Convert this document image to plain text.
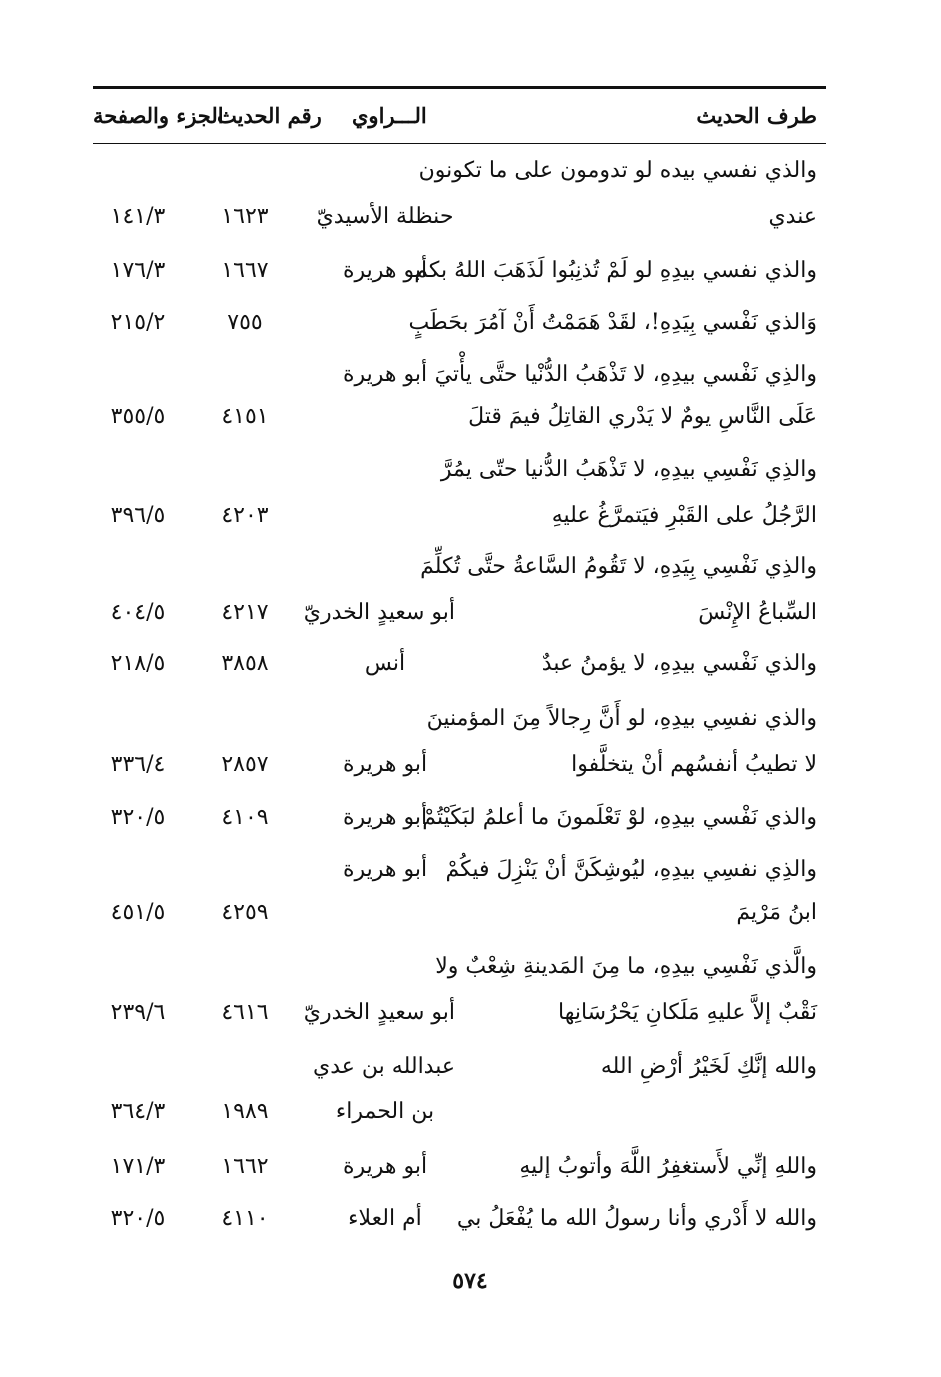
طرف الحديث
الـــراوي
رقم الحديث
الجزء والصفحة
والذي نفسي بيده لو تدومون على ما تكونون
عندي
حنظلة الأسيديّ
١٦٢٣
١٤١/٣
والذي نفسي بيدِهِ لو لَمْ تُذنِبُوا لَذَهَبَ اللهُ بكم
أبو هريرة
١٦٦٧
١٧٦/٣
وَالذي نَفْسي بِيَدِهِ!، لقَدْ هَمَمْتُ أَنْ آمُرَ بحَطَبٍ
٧٥٥
٢١٥/٢
والذِي نَفْسي بيدِهِ، لا تَذْهَبُ الدُّنْيا حتَّى يأْتيَ
أبو هريرة
عَلَى النَّاسِ يومٌ لا يَدْري القاتِلُ فيمَ قتلَ
٤١٥١
٣٥٥/٥
والذِي نَفْسِي بيدِهِ، لا تَذْهَبُ الدُّنيا حتّى يمُرَّ
الرَّجُلُ على القَبْرِ فيَتمرَّغُ عليهِ
٤٢٠٣
٣٩٦/٥
والذِي نَفْسِي بِيَدِهِ، لا تَقُومُ السَّاعةُ حتَّى تُكلِّمَ
السِّباعُ الإِنْسَ
أبو سعيدٍ الخدريّ
٤٢١٧
٤٠٤/٥
والذي نَفْسي بيدِهِ، لا يؤمنُ عبدٌ
أنس
٣٨٥٨
٢١٨/٥
والذي نفسِي بيدِهِ، لو أَنَّ رِجالاً مِنَ المؤمنينَ
لا تطيبُ أنفسُهم أنْ يتخلَّفوا
أبو هريرة
٢٨٥٧
٣٣٦/٤
والذي نَفْسي بيدِهِ، لوْ تَعْلَمونَ ما أعلمُ لبَكَيْتُمْ
أبو هريرة
٤١٠٩
٣٢٠/٥
والذِي نفسِي بيدِهِ، ليُوشِكَنَّ أنْ يَنْزِلَ فيكُمْ
أبو هريرة
ابنُ مَرْيمَ
٤٢٥٩
٤٥١/٥
والَّذي نَفْسِي بيدِهِ، ما مِنَ المَدينةِ شِعْبٌ ولا
نَقْبٌ إلاَّ عليهِ مَلَكانِ يَحْرُسَانِها
أبو سعيدٍ الخدريّ
٤٦١٦
٢٣٩/٦
والله إنَّكِ لَخَيْرُ أرْضِ الله
عبدالله بن عدي
بن الحمراء
١٩٨٩
٣٦٤/٣
واللهِ إنِّي لأَستغفِرُ اللَّهَ وأتوبُ إليهِ
أبو هريرة
١٦٦٢
١٧١/٣
والله لا أَدْري وأنا رسولُ الله ما يُفْعَلُ بي
أم العلاء
٤١١٠
٣٢٠/٥
٥٧٤
